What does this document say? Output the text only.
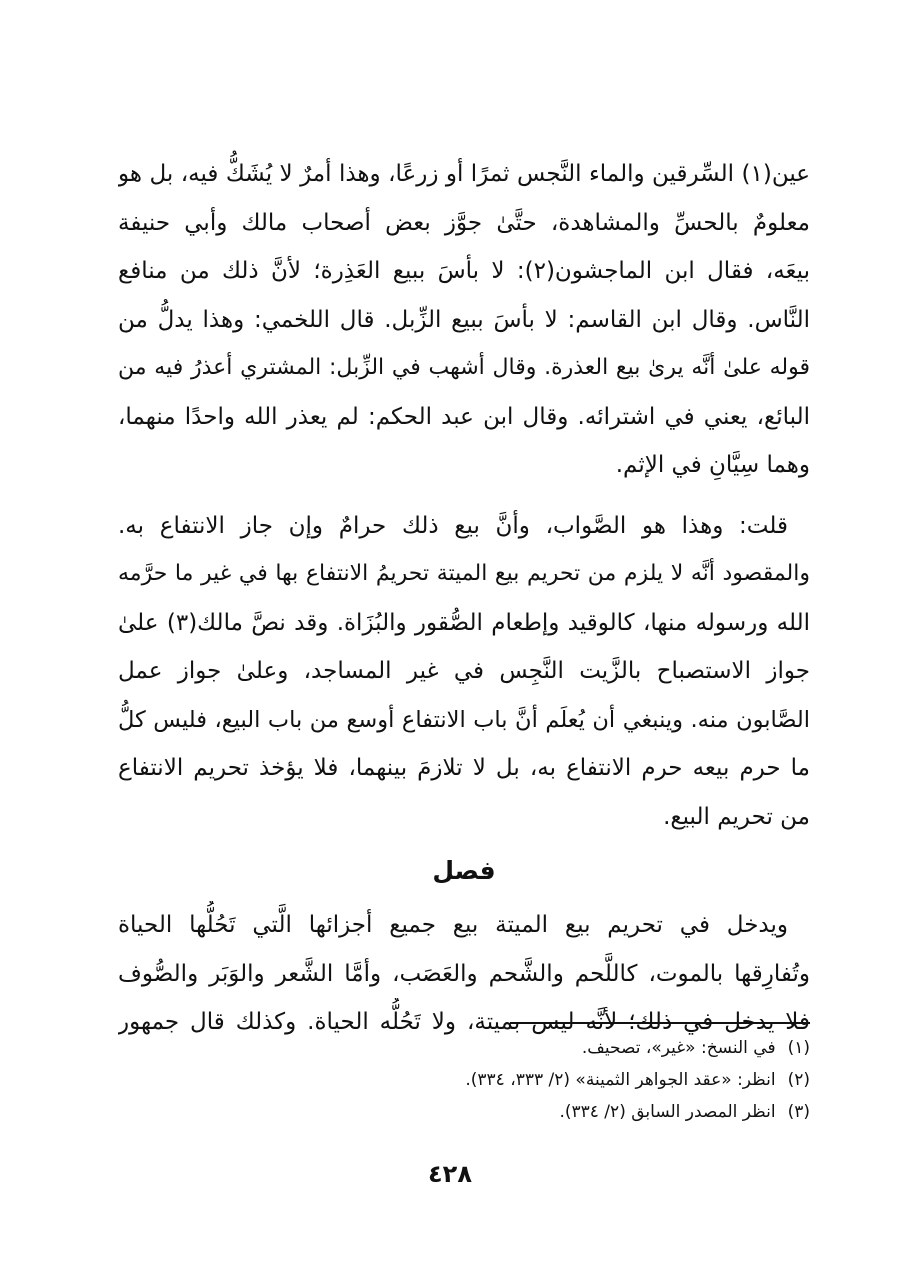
عين(١) السِّرقين والماء النَّجس ثمرًا أو زرعًا، وهذا أمرٌ لا يُشَكُّ فيه، بل هو
معلومٌ بالحسِّ والمشاهدة، حتَّىٰ جوَّز بعض أصحاب مالك وأبي حنيفة
بيعَه، فقال ابن الماجشون(٢): لا بأسَ ببيع العَذِرة؛ لأنَّ ذلك من منافع
النَّاس. وقال ابن القاسم: لا بأسَ ببيع الزِّبل. قال اللخمي: وهذا يدلُّ من
قوله علىٰ أنَّه يرىٰ بيع العذرة. وقال أشهب في الزِّبل: المشتري أعذرُ فيه من
البائع، يعني في اشترائه. وقال ابن عبد الحكم: لم يعذر الله واحدًا منهما،
وهما سِيَّانِ في الإثم.
قلت: وهذا هو الصَّواب، وأنَّ بيع ذلك حرامٌ وإن جاز الانتفاع به.
والمقصود أنَّه لا يلزم من تحريم بيع الميتة تحريمُ الانتفاع بها في غير ما حرَّمه
الله ورسوله منها، كالوقيد وإطعام الصُّقور والبُزَاة. وقد نصَّ مالك(٣) علىٰ
جواز الاستصباح بالزَّيت النَّجِس في غير المساجد، وعلىٰ جواز عمل
الصَّابون منه. وينبغي أن يُعلَم أنَّ باب الانتفاع أوسع من باب البيع، فليس كلُّ
ما حرم بيعه حرم الانتفاع به، بل لا تلازمَ بينهما، فلا يؤخذ تحريم الانتفاع
من تحريم البيع.
فصل
ويدخل في تحريم بيع الميتة بيع جميع أجزائها الَّتي تَحُلُّها الحياة
وتُفارِقها بالموت، كاللَّحم والشَّحم والعَصَب، وأمَّا الشَّعر والوَبَر والصُّوف
فلا يدخل في ذلك؛ لأنَّه ليس بميتة، ولا تَحُلُّه الحياة. وكذلك قال جمهور
(١)في النسخ: «غير»، تصحيف.
(٢)انظر: «عقد الجواهر الثمينة» (٢/ ٣٣٣، ٣٣٤).
(٣)انظر المصدر السابق (٢/ ٣٣٤).
٤٢٨
